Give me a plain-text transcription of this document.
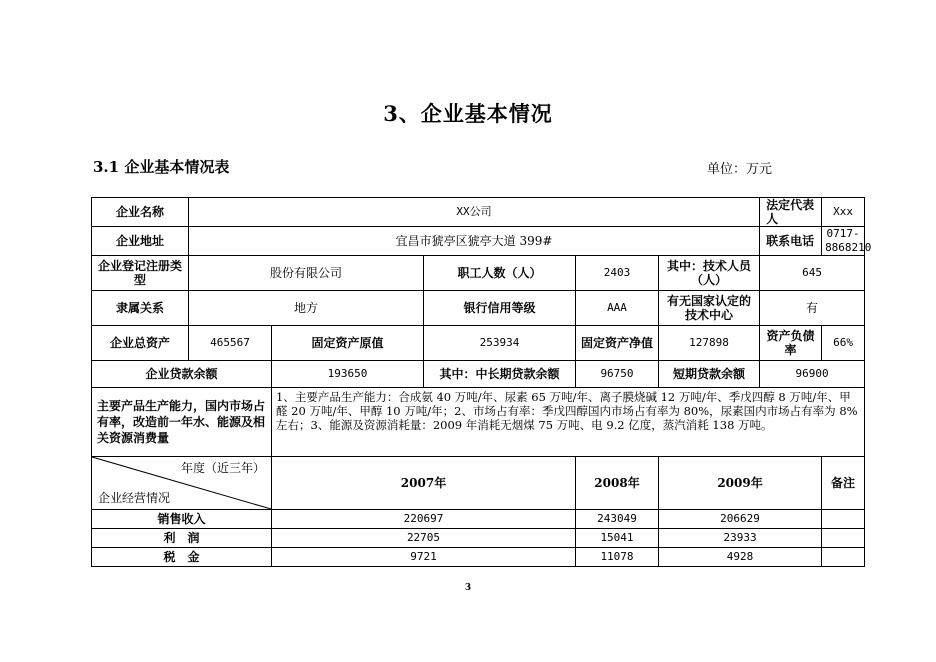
3、企业基本情况
3.1 企业基本情况表	单位：万元
企业名称	XX公司					法定代表人	Xxx
企业地址	宜昌市猇亭区猇亭大道 399#					联系电话	0717-8868210
企业登记注册类型	股份有限公司		职工人数（人）	2403	其中：技术人员（人）	645	
隶属关系	地方		银行信用等级	AAA	有无国家认定的技术中心	有	
企业总资产	465567	固定资产原值	253934	固定资产净值	127898	资产负债率	66%
企业贷款余额		193650	其中：中长期贷款余额	96750	短期贷款余额	96900	
主要产品生产能力，国内市场占有率，改造前一年水、能源及相关资源消费量		1、主要产品生产能力：合成氨 40 万吨/年、尿素 65 万吨/年、离子膜烧碱 12 万吨/年、季戊四醇 8 万吨/年、甲醛 20 万吨/年、甲醇 10 万吨/年；2、市场占有率：季戊四醇国内市场占有率为 80%，尿素国内市场占有率为 8%左右；3、能源及资源消耗量：2009 年消耗无烟煤 75 万吨、电 9.2 亿度，蒸汽消耗 138 万吨。					

年度（近三年）
企业经营情况		2007年		2008年	2009年		备注
销售收入		220697		243049	206629		
利　润		22705		15041	23933		
税　金		9721		11078	4928		
3
